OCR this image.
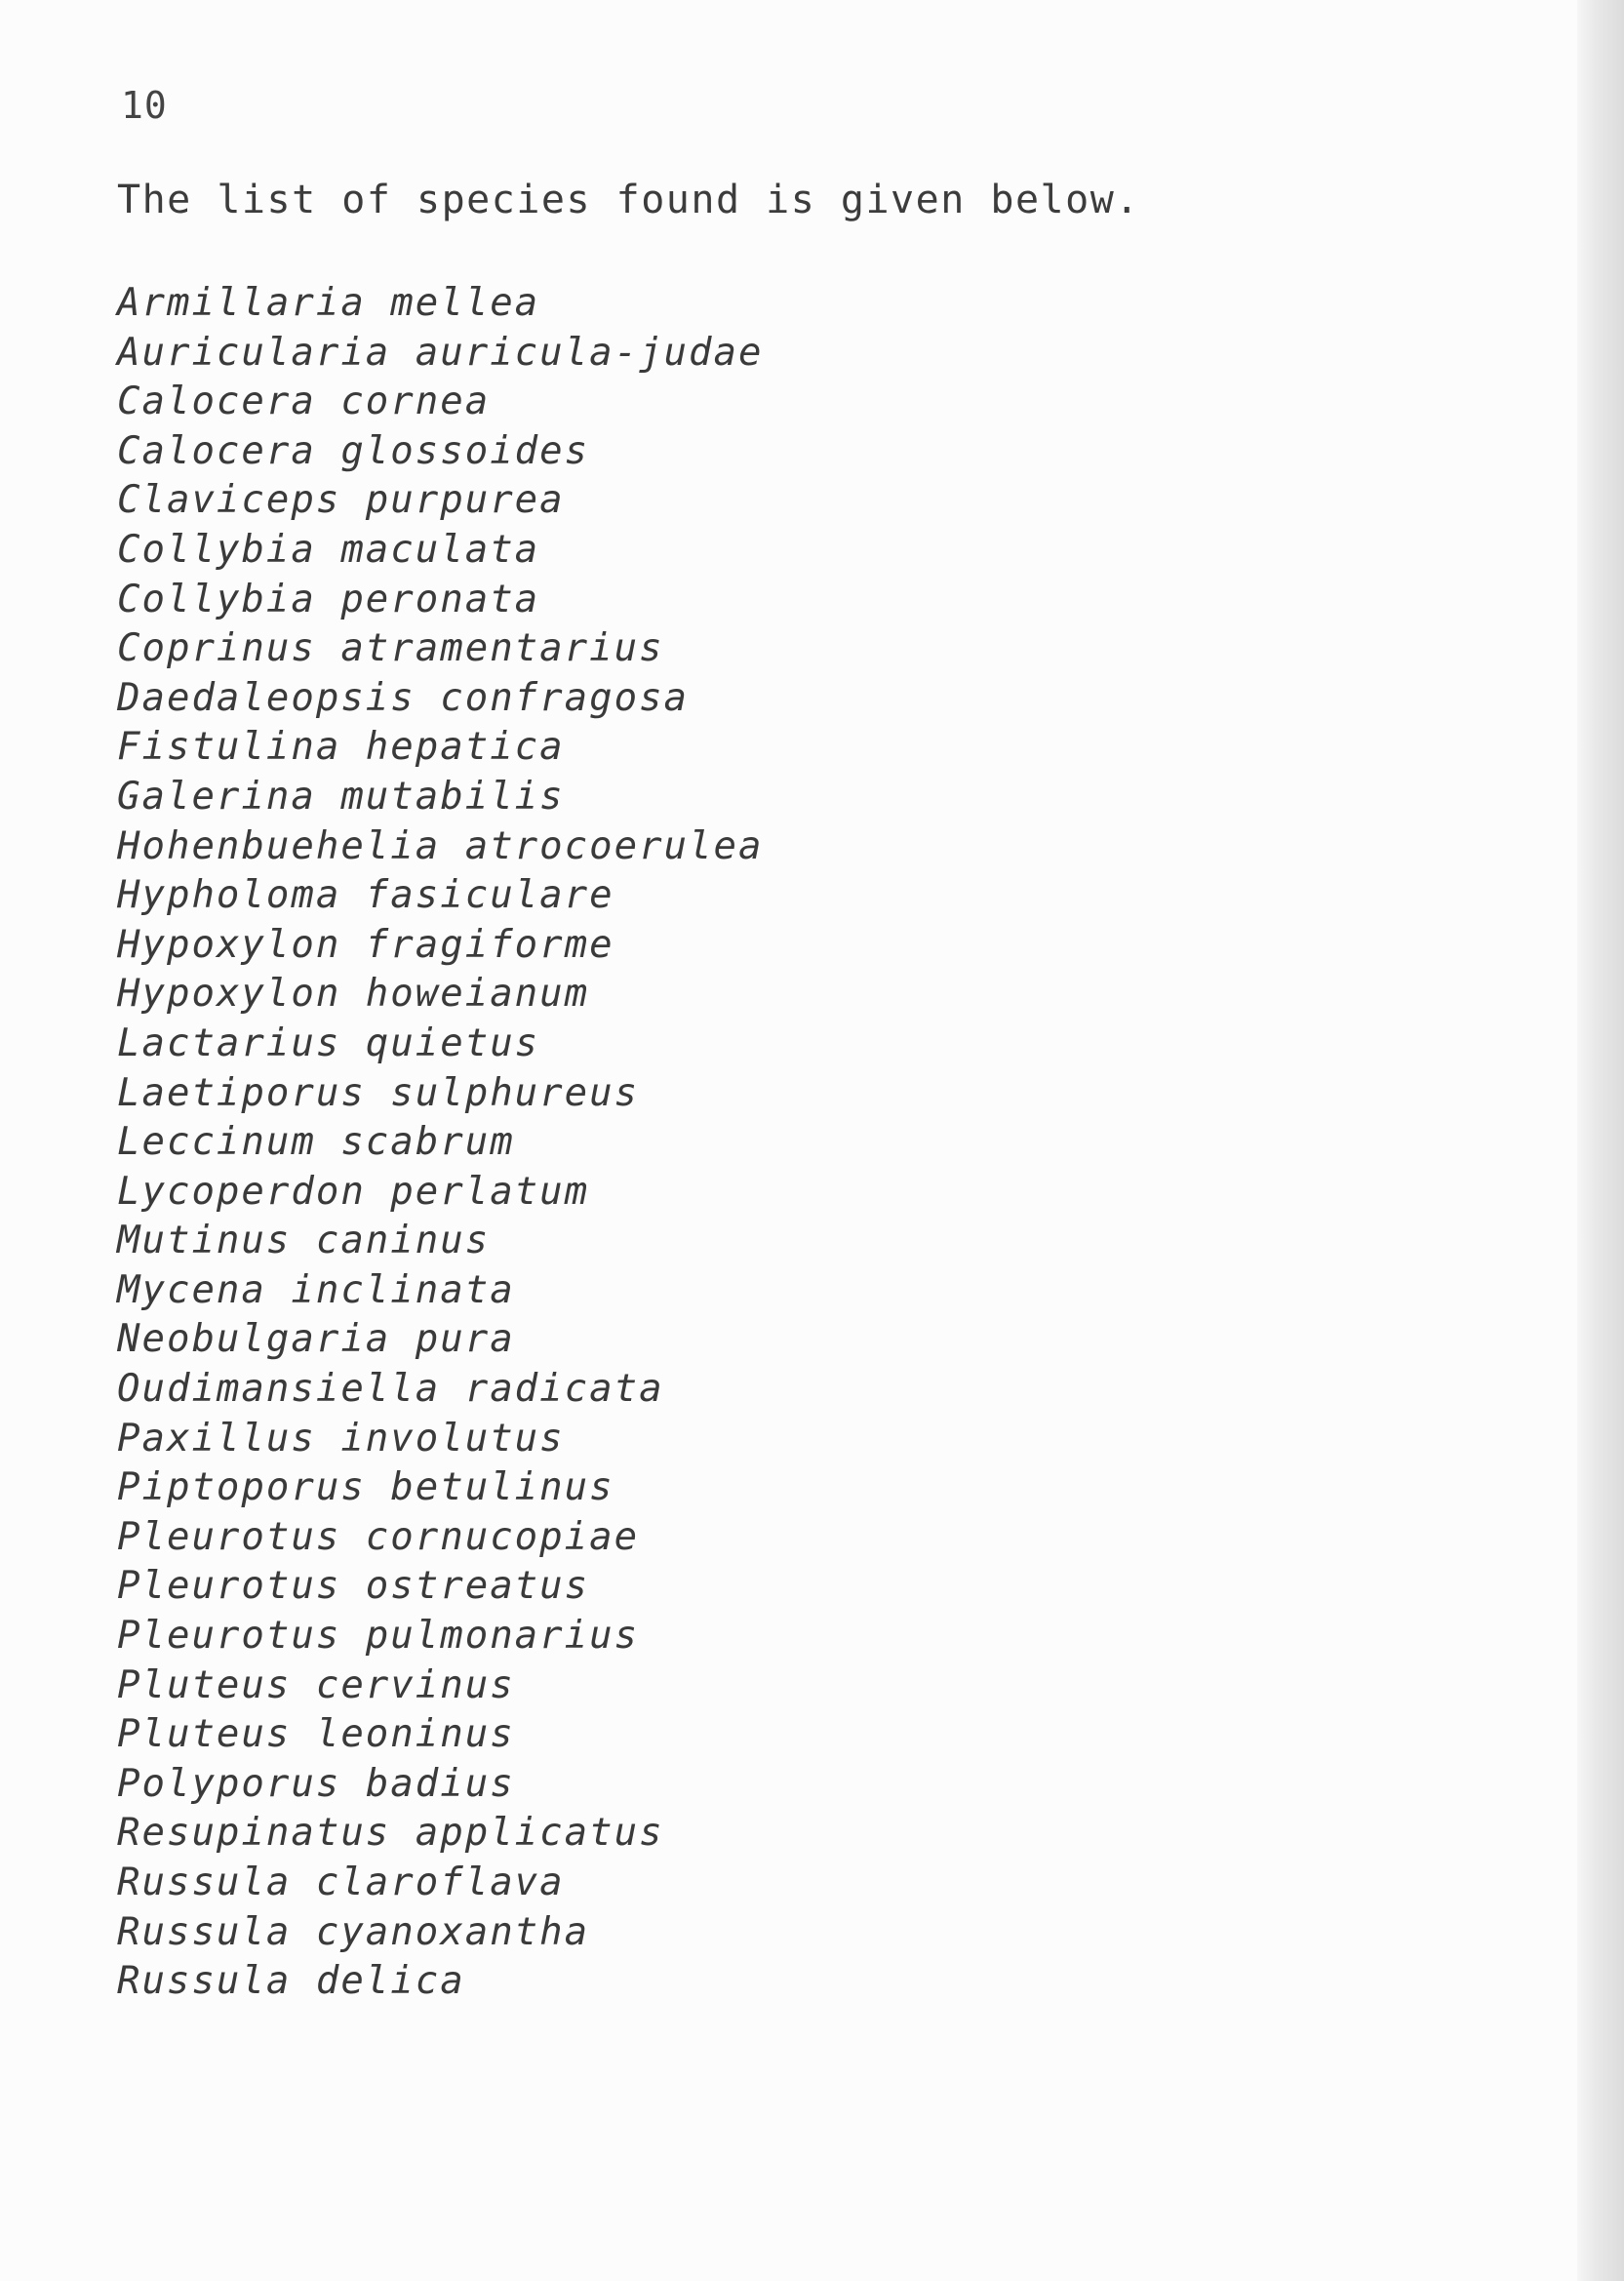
10
The list of species found is given below.
Armillaria mellea
Auricularia auricula-judae
Calocera cornea
Calocera glossoides
Claviceps purpurea
Collybia maculata
Collybia peronata
Coprinus atramentarius
Daedaleopsis confragosa
Fistulina hepatica
Galerina mutabilis
Hohenbuehelia atrocoerulea
Hypholoma fasiculare
Hypoxylon fragiforme
Hypoxylon howeianum
Lactarius quietus
Laetiporus sulphureus
Leccinum scabrum
Lycoperdon perlatum
Mutinus caninus
Mycena inclinata
Neobulgaria pura
Oudimansiella radicata
Paxillus involutus
Piptoporus betulinus
Pleurotus cornucopiae
Pleurotus ostreatus
Pleurotus pulmonarius
Pluteus cervinus
Pluteus leoninus
Polyporus badius
Resupinatus applicatus
Russula claroflava
Russula cyanoxantha
Russula delica
